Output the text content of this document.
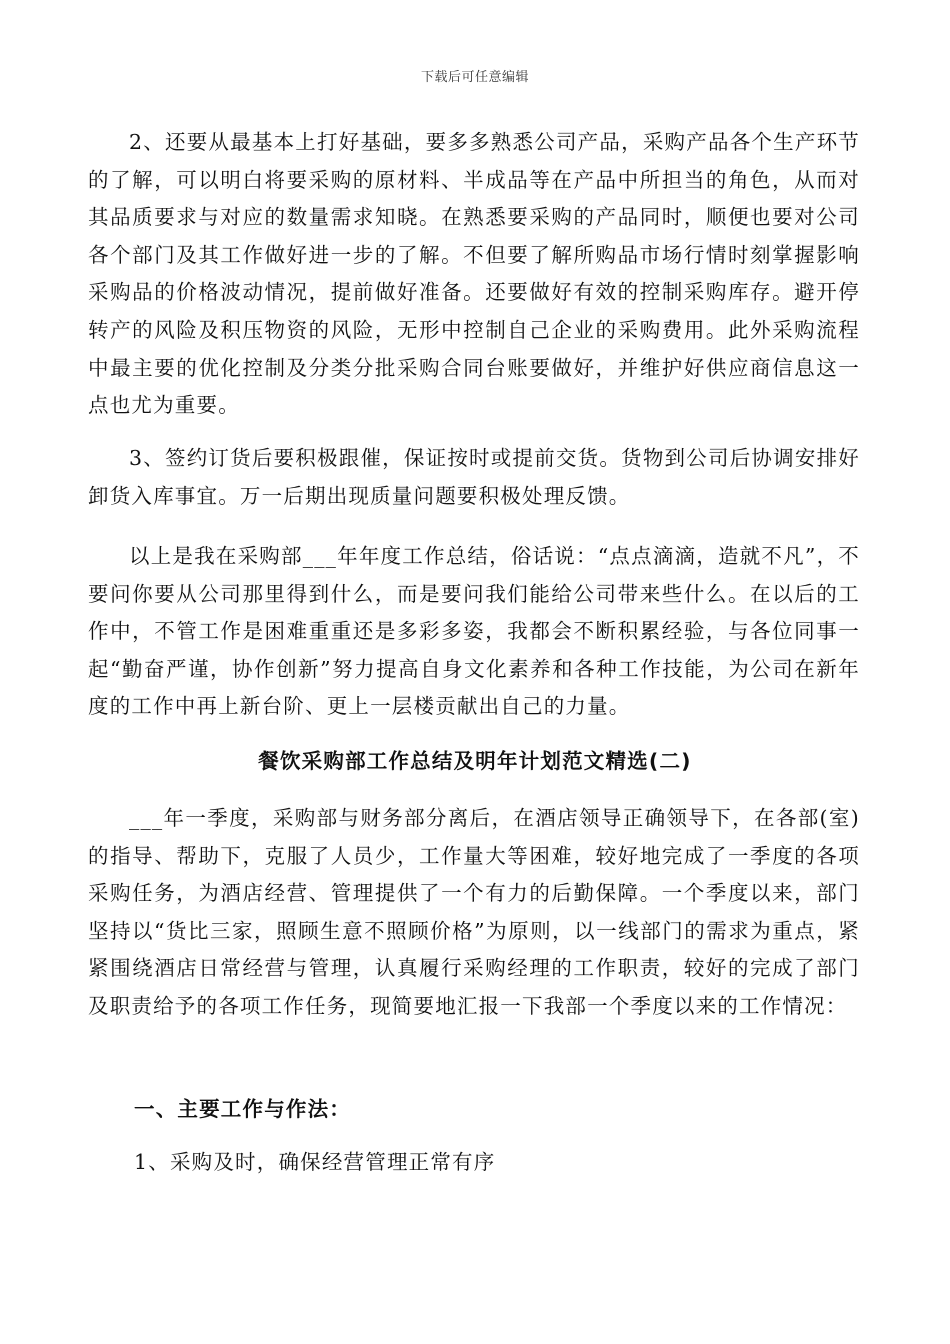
下载后可任意编辑

2、还要从最基本上打好基础，要多多熟悉公司产品，采购产品各个生产环节的了解，可以明白将要采购的原材料、半成品等在产品中所担当的角色，从而对其品质要求与对应的数量需求知晓。在熟悉要采购的产品同时，顺便也要对公司各个部门及其工作做好进一步的了解。不但要了解所购品市场行情时刻掌握影响采购品的价格波动情况，提前做好准备。还要做好有效的控制采购库存。避开停转产的风险及积压物资的风险，无形中控制自己企业的采购费用。此外采购流程中最主要的优化控制及分类分批采购合同台账要做好，并维护好供应商信息这一点也尤为重要。

3、签约订货后要积极跟催，保证按时或提前交货。货物到公司后协调安排好卸货入库事宜。万一后期出现质量问题要积极处理反馈。

以上是我在采购部___年年度工作总结，俗话说：“点点滴滴，造就不凡”，不要问你要从公司那里得到什么，而是要问我们能给公司带来些什么。在以后的工作中，不管工作是困难重重还是多彩多姿，我都会不断积累经验，与各位同事一起“勤奋严谨，协作创新”努力提高自身文化素养和各种工作技能，为公司在新年度的工作中再上新台阶、更上一层楼贡献出自己的力量。

餐饮采购部工作总结及明年计划范文精选(二)

___年一季度，采购部与财务部分离后，在酒店领导正确领导下，在各部(室)的指导、帮助下，克服了人员少，工作量大等困难，较好地完成了一季度的各项采购任务，为酒店经营、管理提供了一个有力的后勤保障。一个季度以来，部门坚持以“货比三家，照顾生意不照顾价格”为原则，以一线部门的需求为重点，紧紧围绕酒店日常经营与管理，认真履行采购经理的工作职责，较好的完成了部门及职责给予的各项工作任务，现简要地汇报一下我部一个季度以来的工作情况：

一、主要工作与作法：
1、采购及时，确保经营管理正常有序
